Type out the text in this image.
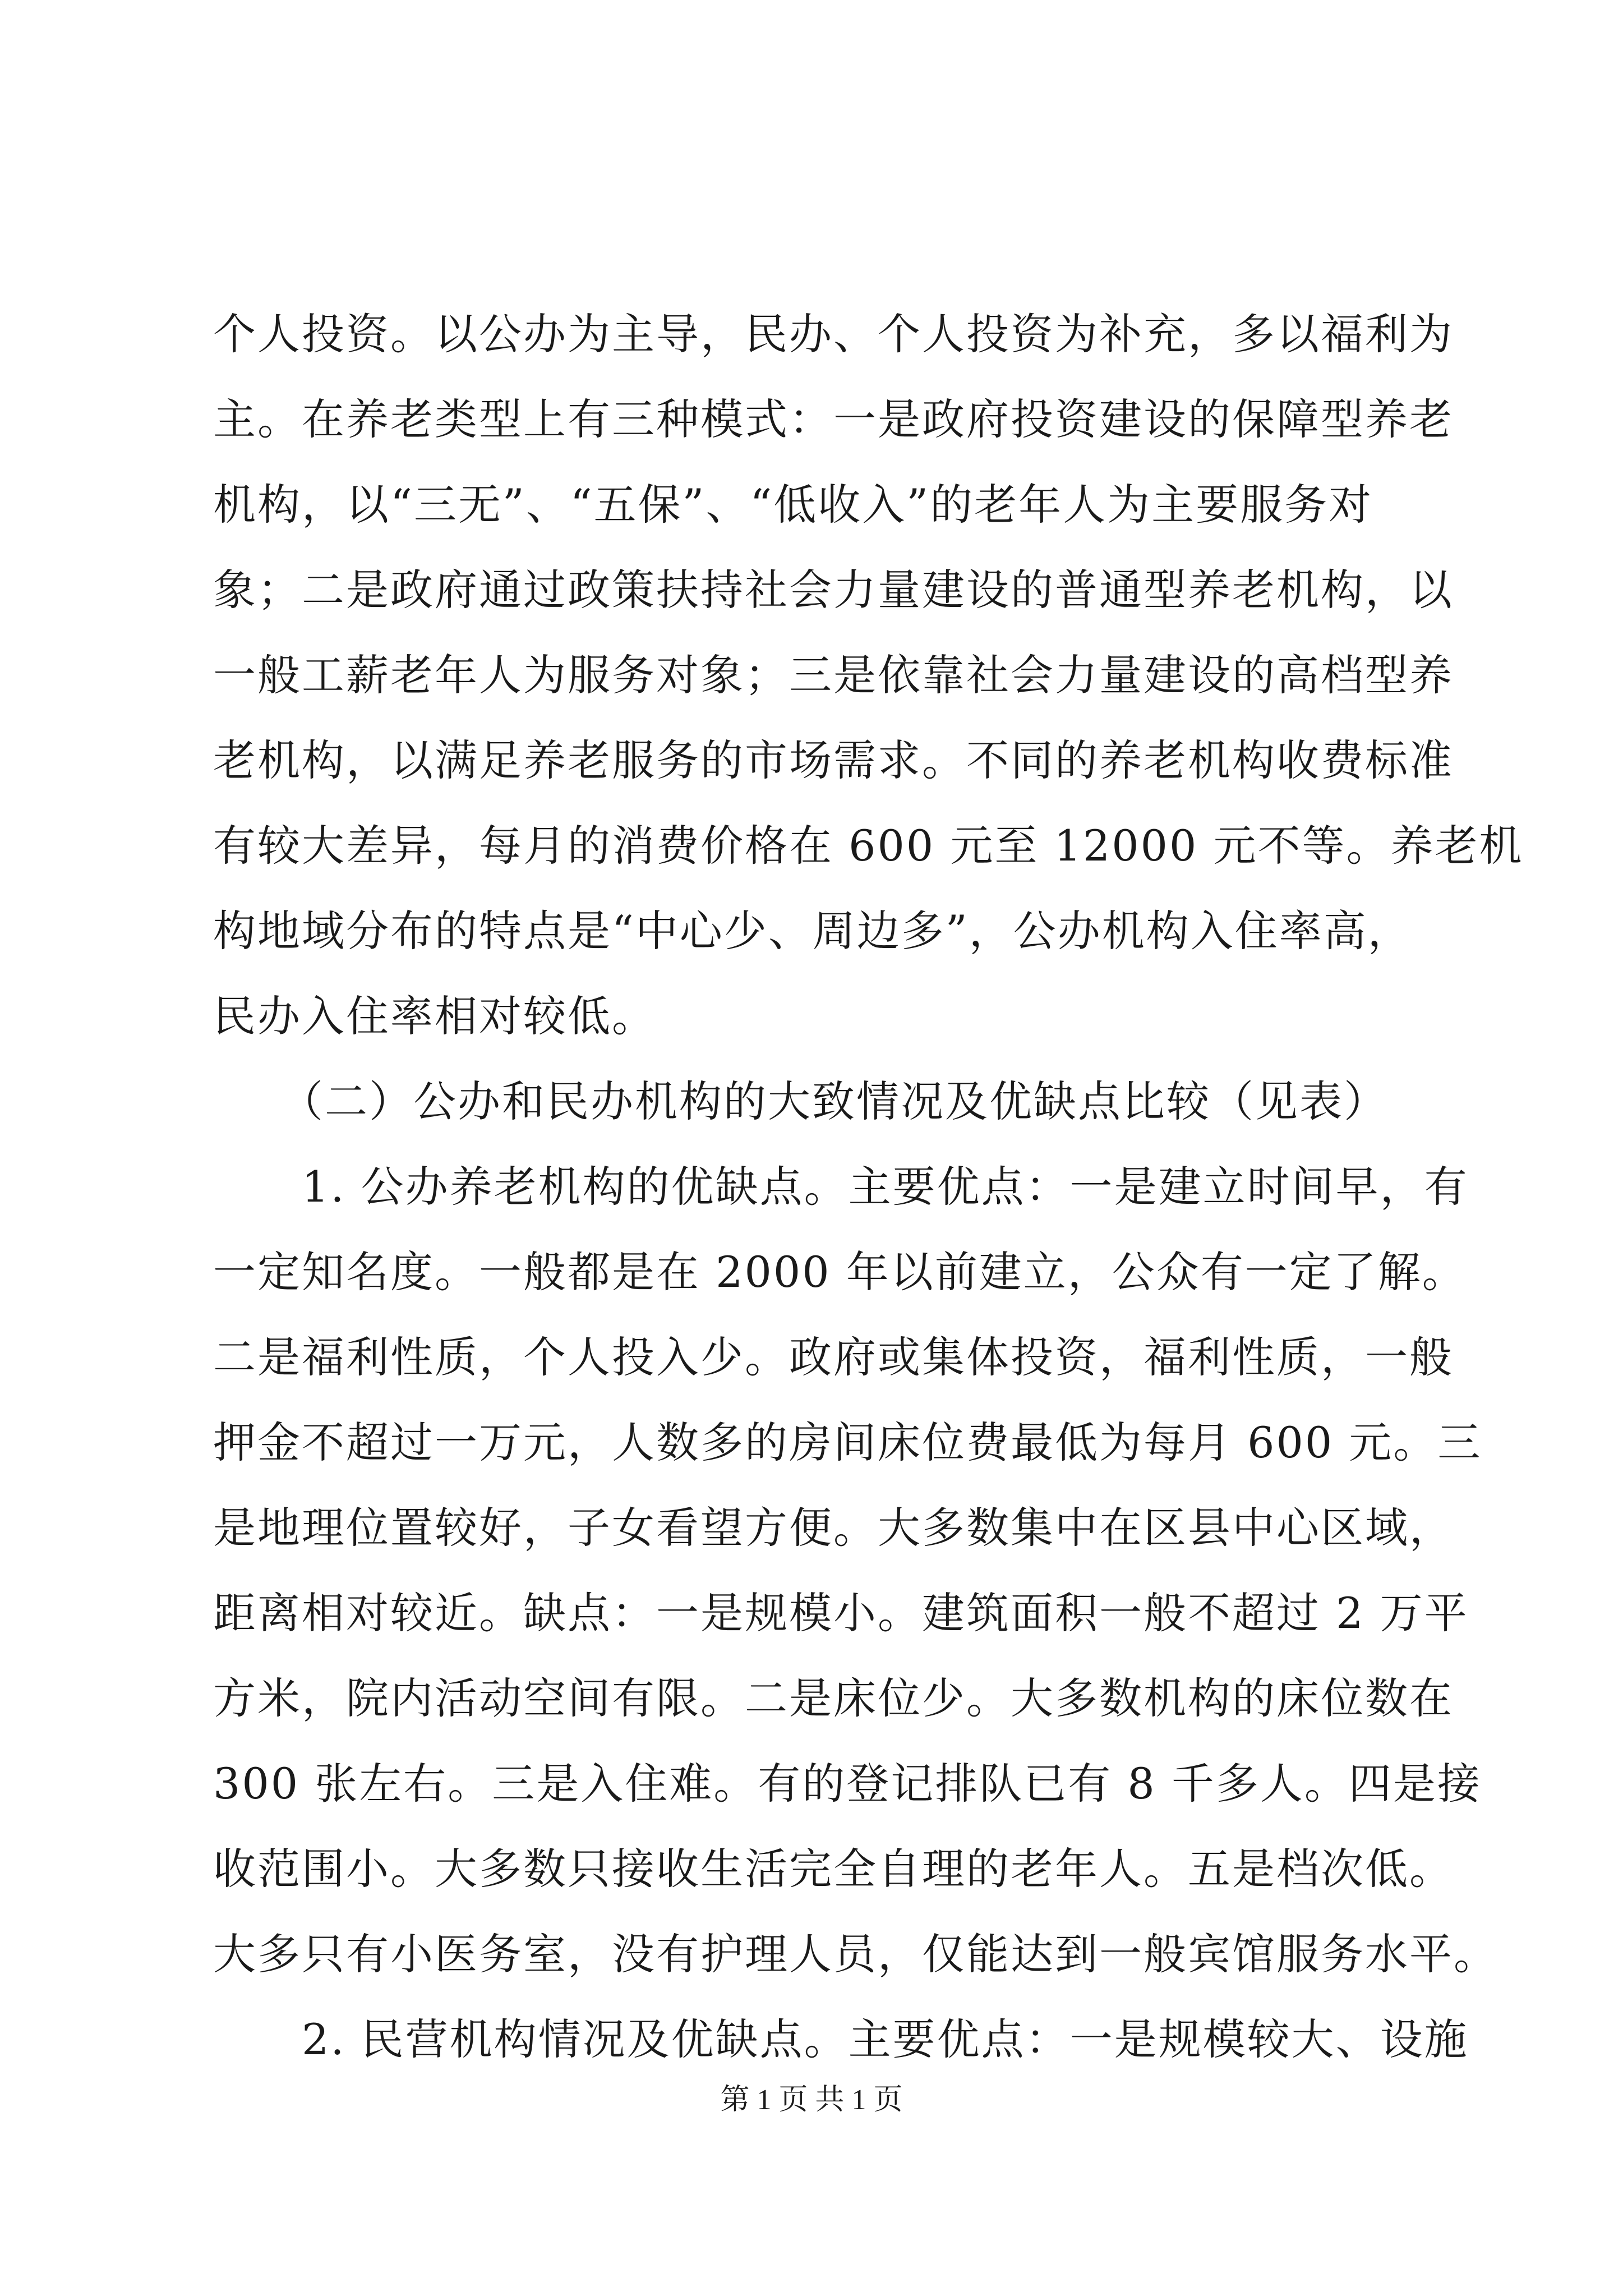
个人投资。以公办为主导，民办、个人投资为补充，多以福利为
主。在养老类型上有三种模式：一是政府投资建设的保障型养老
机构，以“三无”、“五保”、“低收入”的老年人为主要服务对
象；二是政府通过政策扶持社会力量建设的普通型养老机构，以
一般工薪老年人为服务对象；三是依靠社会力量建设的高档型养
老机构，以满足养老服务的市场需求。不同的养老机构收费标准
有较大差异，每月的消费价格在 600 元至 12000 元不等。养老机
构地域分布的特点是“中心少、周边多”，公办机构入住率高，
民办入住率相对较低。
　　（二）公办和民办机构的大致情况及优缺点比较（见表）
　　1. 公办养老机构的优缺点。主要优点：一是建立时间早，有
一定知名度。一般都是在 2000 年以前建立，公众有一定了解。
二是福利性质，个人投入少。政府或集体投资，福利性质，一般
押金不超过一万元，人数多的房间床位费最低为每月 600 元。三
是地理位置较好，子女看望方便。大多数集中在区县中心区域，
距离相对较近。缺点：一是规模小。建筑面积一般不超过 2 万平
方米，院内活动空间有限。二是床位少。大多数机构的床位数在
300 张左右。三是入住难。有的登记排队已有 8 千多人。四是接
收范围小。大多数只接收生活完全自理的老年人。五是档次低。
大多只有小医务室，没有护理人员，仅能达到一般宾馆服务水平。
　　2. 民营机构情况及优缺点。主要优点：一是规模较大、设施
第 1 页 共 1 页
